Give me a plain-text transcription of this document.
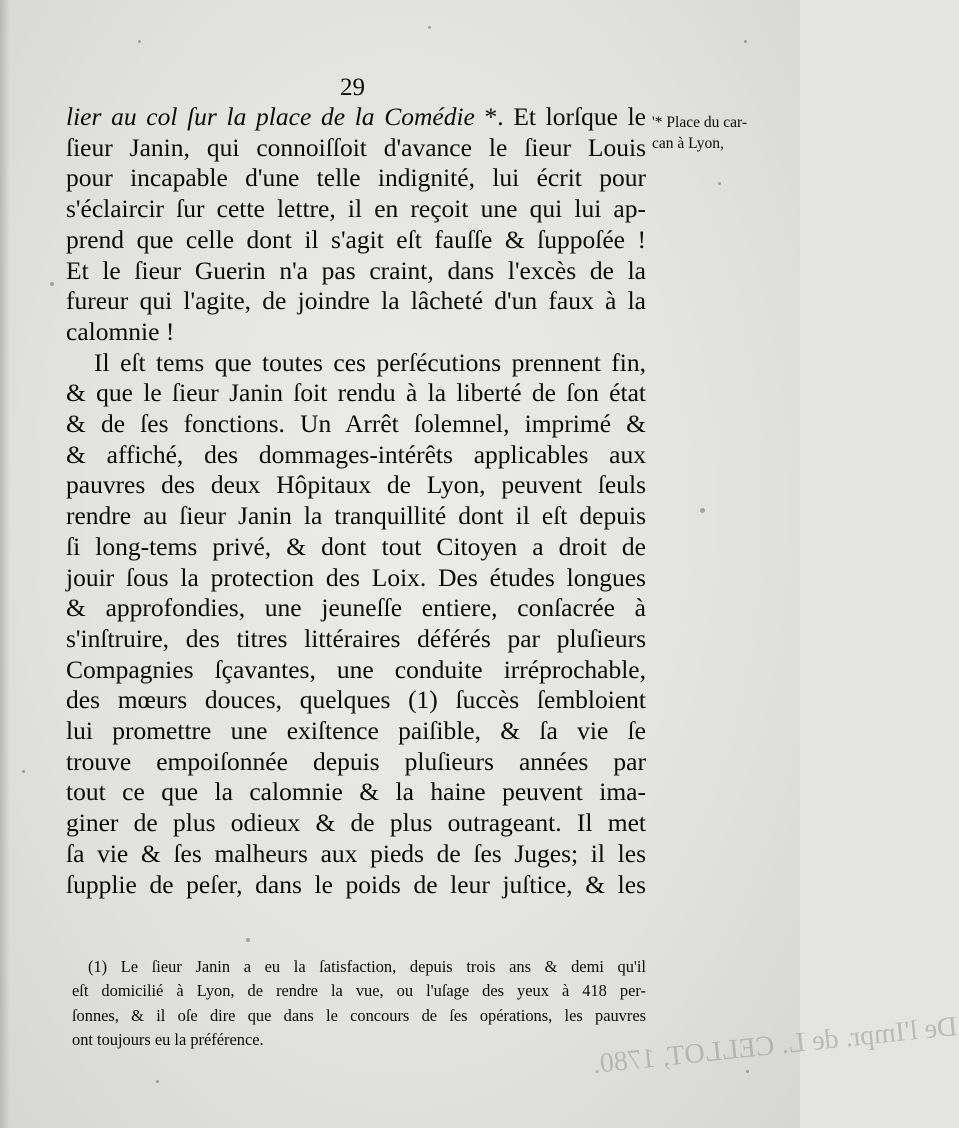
29
'* Place du car-
can à Lyon,
lier au col ſur la place de la Comédie *. Et lorſque le
ſieur Janin, qui connoiſſoit d'avance le ſieur Louis
pour incapable d'une telle indignité, lui écrit pour
s'éclaircir ſur cette lettre, il en reçoit une qui lui ap-
prend que celle dont il s'agit eſt fauſſe & ſuppoſée !
Et le ſieur Guerin n'a pas craint, dans l'excès de la
fureur qui l'agite, de joindre la lâcheté d'un faux à la
calomnie !
Il eſt tems que toutes ces perſécutions prennent fin,
& que le ſieur Janin ſoit rendu à la liberté de ſon état
& de ſes fonctions. Un Arrêt ſolemnel, imprimé &
& affiché, des dommages-intérêts applicables aux
pauvres des deux Hôpitaux de Lyon, peuvent ſeuls
rendre au ſieur Janin la tranquillité dont il eſt depuis
ſi long-tems privé, & dont tout Citoyen a droit de
jouir ſous la protection des Loix. Des études longues
& approfondies, une jeuneſſe entiere, conſacrée à
s'inſtruire, des titres littéraires déférés par pluſieurs
Compagnies ſçavantes, une conduite irréprochable,
des mœurs douces, quelques (1) ſuccès ſembloient
lui promettre une exiſtence paiſible, & ſa vie ſe
trouve empoiſonnée depuis pluſieurs années par
tout ce que la calomnie & la haine peuvent ima-
giner de plus odieux & de plus outrageant. Il met
ſa vie & ſes malheurs aux pieds de ſes Juges; il les
ſupplie de peſer, dans le poids de leur juſtice, & les
(1) Le ſieur Janin a eu la ſatisfaction, depuis trois ans & demi qu'il
eſt domicilié à Lyon, de rendre la vue, ou l'uſage des yeux à 418 per-
ſonnes, & il oſe dire que dans le concours de ſes opérations, les pauvres
ont toujours eu la préférence.	De l'Impr. de L. CELLOT, 1780.
